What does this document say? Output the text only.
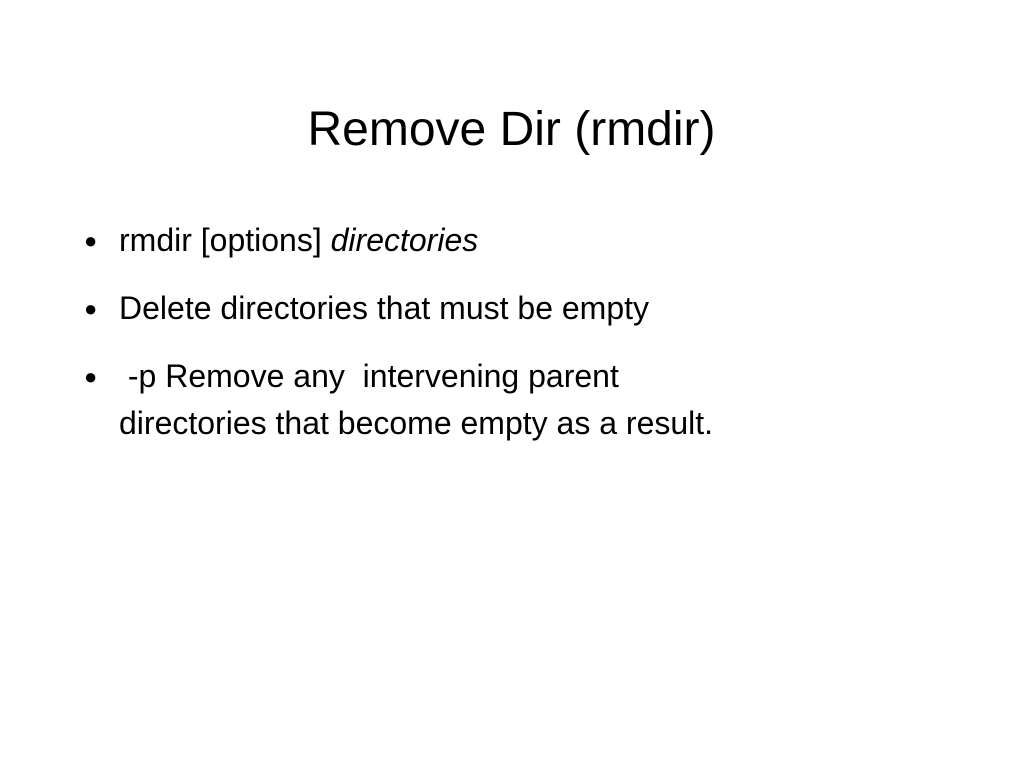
Remove Dir (rmdir)
● rmdir [options] directories
● Delete directories that must be empty
● -p Remove any  intervening parent
directories that become empty as a result.
